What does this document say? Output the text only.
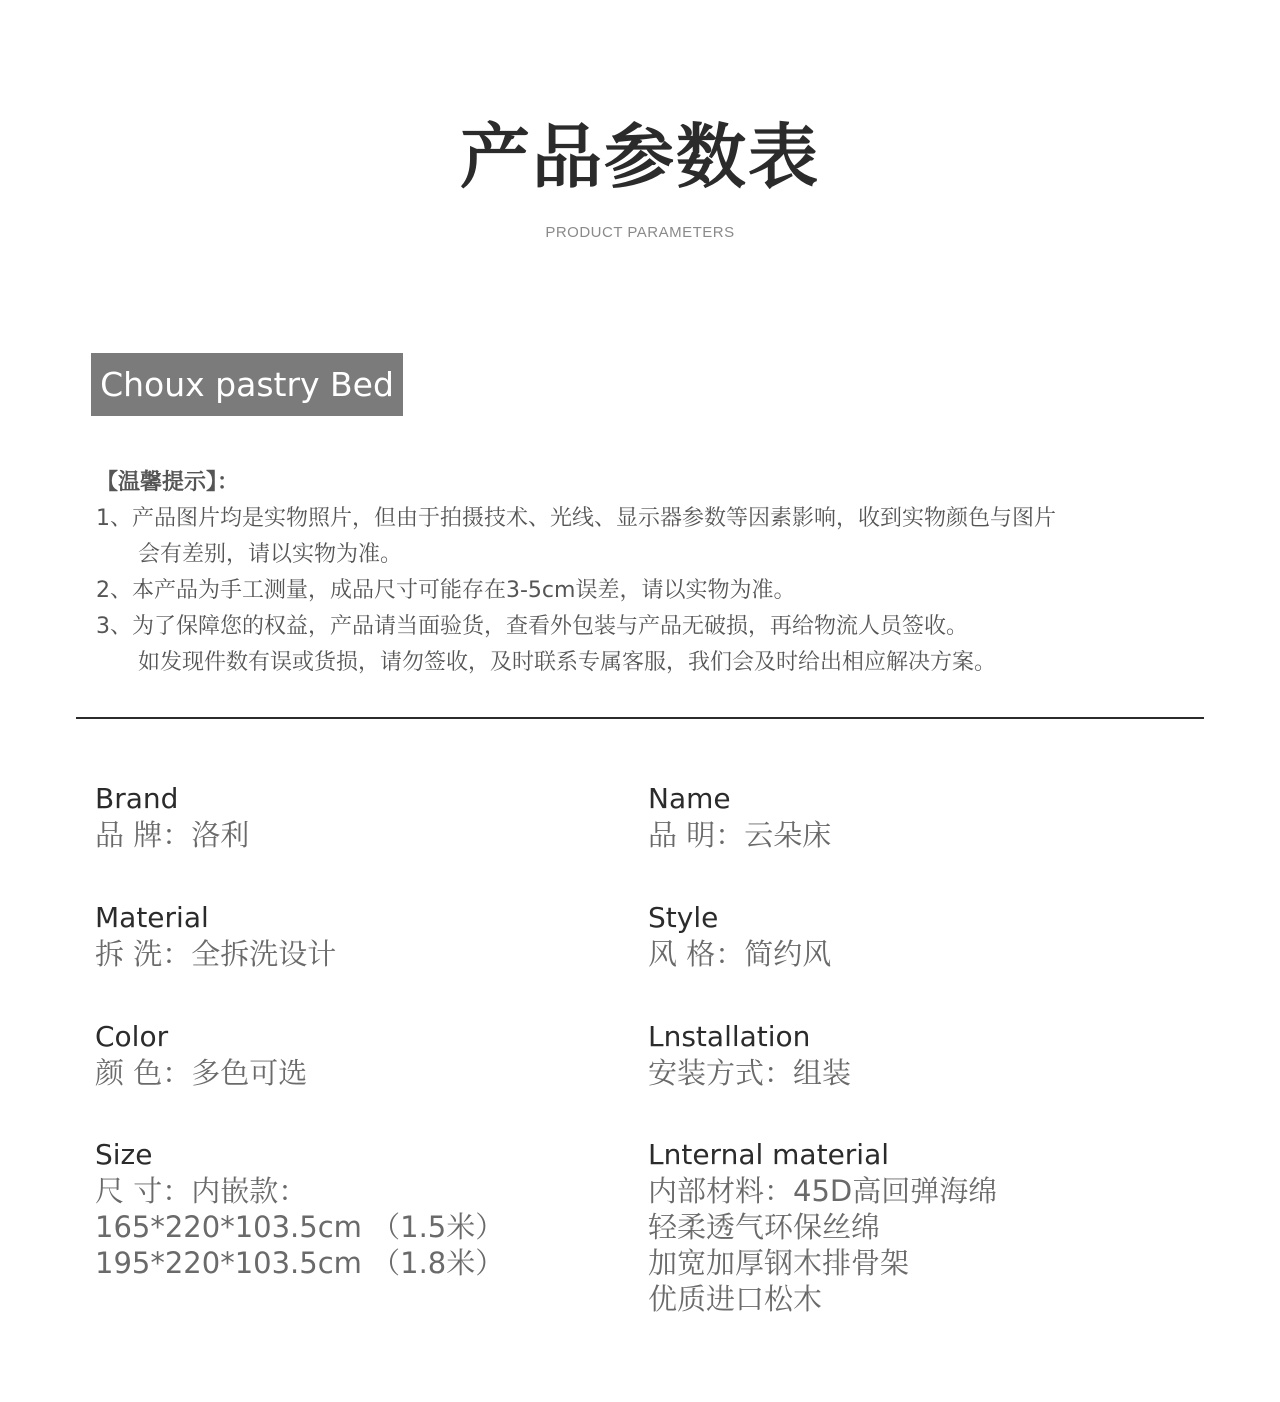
产品参数表
PRODUCT PARAMETERS
Choux pastry Bed
【温馨提示】：
1、产品图片均是实物照片，但由于拍摄技术、光线、显示器参数等因素影响，收到实物颜色与图片
会有差别，请以实物为准。
2、本产品为手工测量，成品尺寸可能存在3-5cm误差，请以实物为准。
3、为了保障您的权益，产品请当面验货，查看外包装与产品无破损，再给物流人员签收。
如发现件数有误或货损，请勿签收，及时联系专属客服，我们会及时给出相应解决方案。
Brand
品 牌：洛利
Name
品 明：云朵床
Material
拆 洗：全拆洗设计
Style
风 格：简约风
Color
颜 色：多色可选
Lnstallation
安装方式：组装
Size
尺 寸：内嵌款：
165*220*103.5cm （1.5米）
195*220*103.5cm （1.8米）
Lnternal material
内部材料：45D高回弹海绵
轻柔透气环保丝绵
加宽加厚钢木排骨架
优质进口松木
